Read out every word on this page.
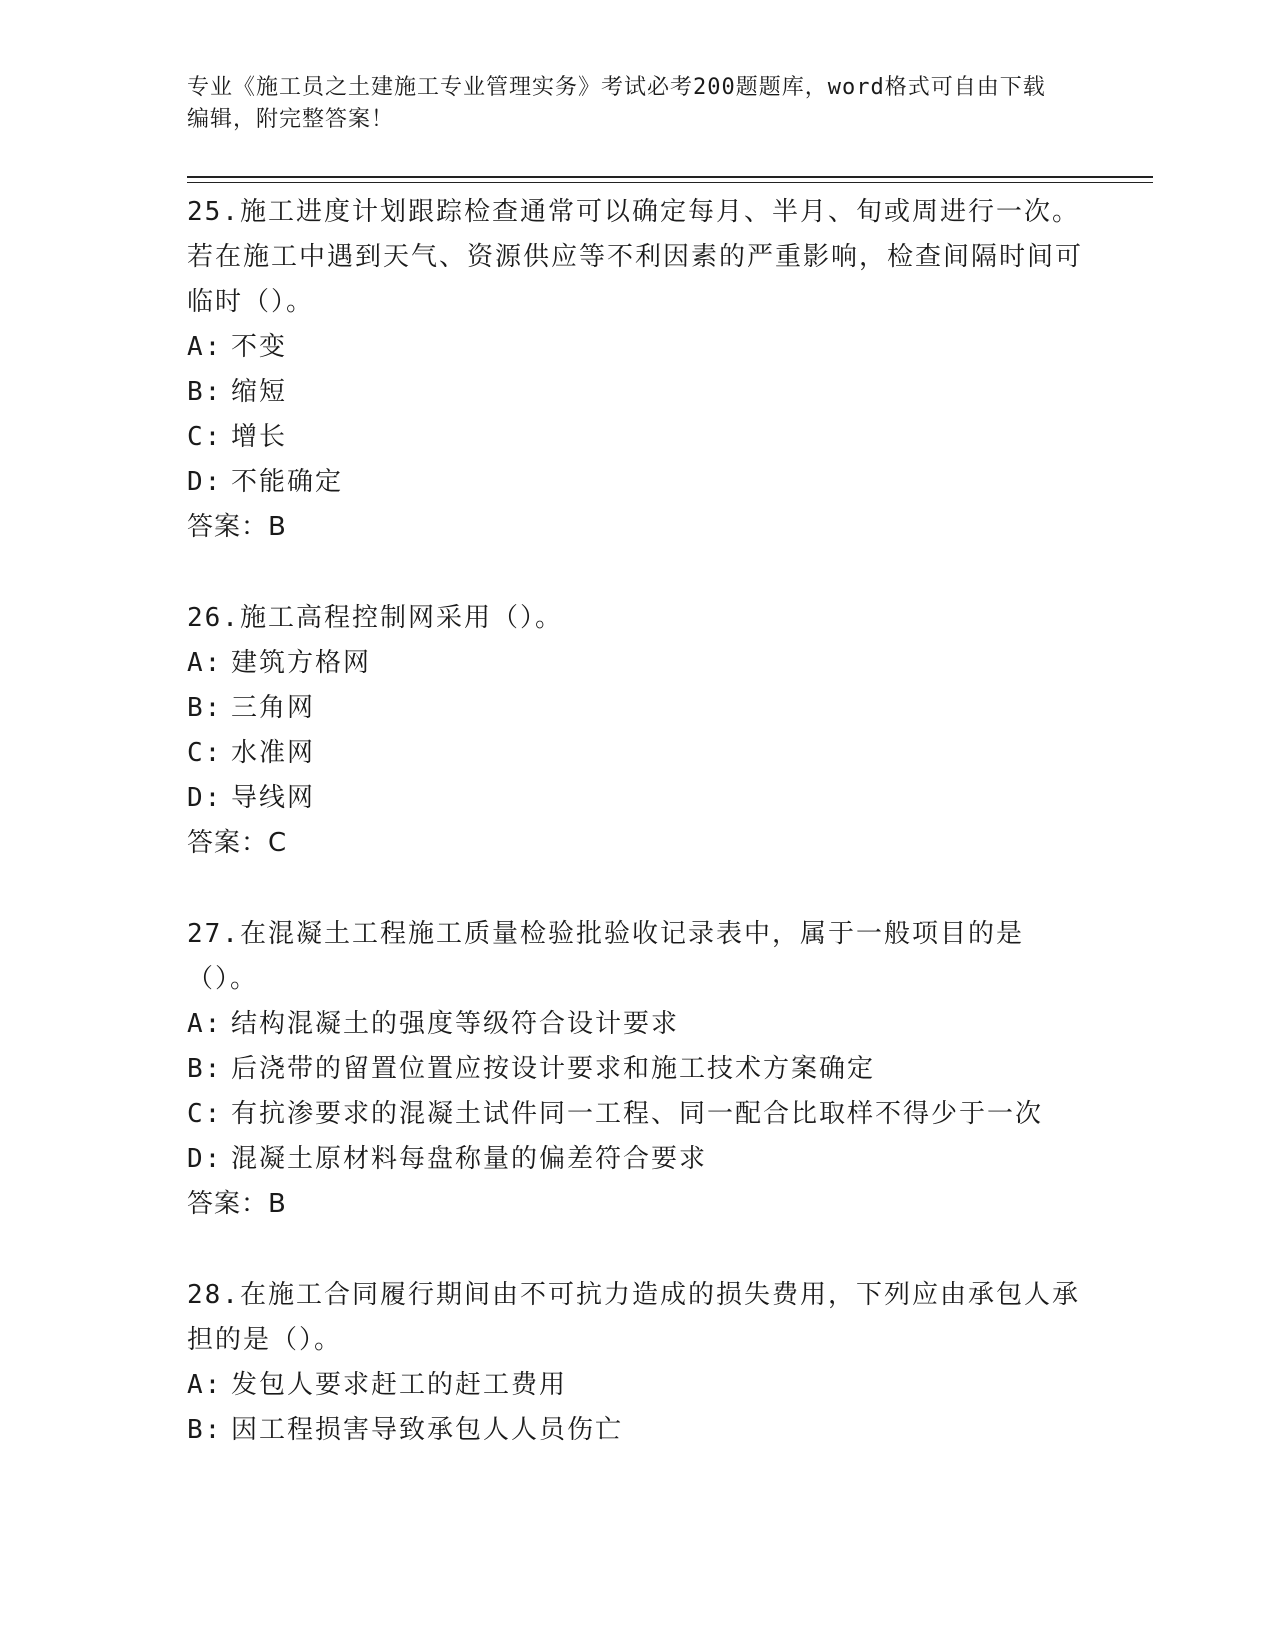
专业《施工员之土建施工专业管理实务》考试必考200题题库，word格式可自由下载编辑，附完整答案！

25.施工进度计划跟踪检查通常可以确定每月、半月、旬或周进行一次。若在施工中遇到天气、资源供应等不利因素的严重影响，检查间隔时间可临时（）。

A: 不变

B: 缩短

C: 增长

D: 不能确定

答案：B

26.施工高程控制网采用（）。

A: 建筑方格网

B: 三角网

C: 水准网

D: 导线网

答案：C

27.在混凝土工程施工质量检验批验收记录表中，属于一般项目的是（）。

A: 结构混凝土的强度等级符合设计要求

B: 后浇带的留置位置应按设计要求和施工技术方案确定

C: 有抗渗要求的混凝土试件同一工程、同一配合比取样不得少于一次

D: 混凝土原材料每盘称量的偏差符合要求

答案：B

28.在施工合同履行期间由不可抗力造成的损失费用，下列应由承包人承担的是（）。

A: 发包人要求赶工的赶工费用

B: 因工程损害导致承包人人员伤亡
